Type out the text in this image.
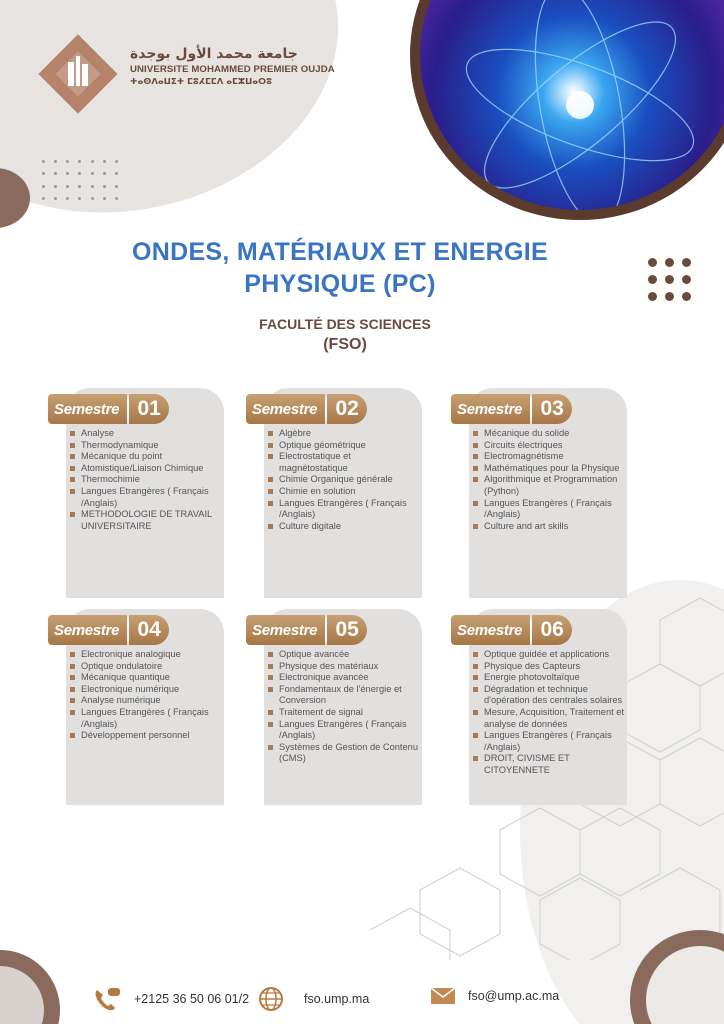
جامعة محمد الأول بوجدة
UNIVERSITE MOHAMMED PREMIER OUJDA
ⵜⴰⵙⴷⴰⵡⵉⵜ ⵎⵓⵃⵎⵎⴷ ⴰⵎⵣⵡⴰⵔⵓ
ONDES, MATÉRIAUX ET ENERGIE
PHYSIQUE (PC)
FACULTÉ DES SCIENCES
(FSO)
Semestre 01
Analyse
Thermodynamique
Mécanique du point
Atomistique/Liaison Chimique
Thermochimie
Langues Etrangères ( Français /Anglais)
METHODOLOGIE DE TRAVAIL UNIVERSITAIRE
Semestre 02
Algèbre
Optique géométrique
Electrostatique et magnétostatique
Chimie Organique générale
Chimie en solution
Langues Etrangères ( Français /Anglais)
Culture digitale
Semestre 03
Mécanique du solide
Circuits électriques
Electromagnétisme
Mathématiques pour la Physique
Algorithmique et Programmation (Python)
Langues Etrangères ( Français /Anglais)
Culture and art skills
Semestre 04
Electronique analogique
Optique ondulatoire
Mécanique quantique
Electronique numérique
Analyse numérique
Langues Etrangères ( Français /Anglais)
Développement personnel
Semestre 05
Optique avancée
Physique des matériaux
Electronique avancée
Fondamentaux de l'énergie et Conversion
Traitement de signal
Langues Etrangères ( Français /Anglais)
Systèmes de Gestion de Contenu (CMS)
Semestre 06
Optique guidée et applications
Physique des Capteurs
Energie photovoltaïque
Dégradation et technique d'opération des centrales solaires
Mesure, Acquisition, Traitement et analyse de données
Langues Etrangères ( Français /Anglais)
DROIT, CIVISME ET CITOYENNETE
+2125 36 50 06 01/2	fso.ump.ma	fso@ump.ac.ma
